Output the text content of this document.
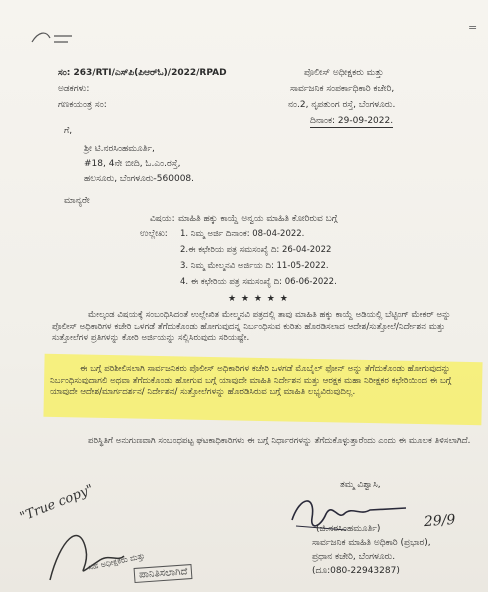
=
ಸಂ: 263/RTI/ಎಸ್‌ಪಿ(ಪಿಆರ್‌ಓ)/2022/RPAD
ಅಡಕಗಳು:
ಗಣಕಯಂತ್ರ ಸಂ:
ಪೊಲೀಸ್ ಅಧೀಕ್ಷಕರು ಮತ್ತು
ಸಾರ್ವಜನಿಕ ಸಂಪರ್ಕಾಧಿಕಾರಿ ಕಚೇರಿ,
ನಂ.2, ನೃಪತುಂಗ ರಸ್ತೆ, ಬೆಂಗಳೂರು.
ದಿನಾಂಕ: 29-09-2022.
ಗೆ,
ಶ್ರೀ ಟಿ.ನರಸಿಂಹಮೂರ್ತಿ,
#18, 4ನೇ ಬೀದಿ, ಓ.ಎಂ.ರಸ್ತೆ,
ಹಲಸೂರು, ಬೆಂಗಳೂರು-560008.
ಮಾನ್ಯರೇ
ವಿಷಯ: ಮಾಹಿತಿ ಹಕ್ಕು ಕಾಯ್ದೆ ಅನ್ವಯ ಮಾಹಿತಿ ಕೋರಿರುವ ಬಗ್ಗೆ
ಉಲ್ಲೇಖ: 1. ನಿಮ್ಮ ಅರ್ಜಿ ದಿನಾಂಕ: 08-04-2022.
2.ಈ ಕಛೇರಿಯ ಪತ್ರ ಸಮಸಂಖ್ಯೆ ದಿ: 26-04-2022
3. ನಿಮ್ಮ ಮೇಲ್ಮನವಿ ಅರ್ಜಿಯ ದಿ: 11-05-2022.
4. ಈ ಕಛೇರಿಯ ಪತ್ರ ಸಮಸಂಖ್ಯೆ ದಿ: 06-06-2022.
★ ★ ★ ★ ★
ಮೇಲ್ಕಂಡ ವಿಷಯಕ್ಕೆ ಸಂಬಂಧಿಸಿದಂತೆ ಉಲ್ಲೇಖಿತ ಮೇಲ್ಮನವಿ ಪತ್ರದಲ್ಲಿ ತಾವು ಮಾಹಿತಿ ಹಕ್ಕು ಕಾಯ್ದೆ ಅಡಿಯಲ್ಲಿ ಬೆಟ್ಟಿಂಗ್ ಮೇಕರ್ ಅನ್ನು ಪೊಲೀಸ್ ಅಧಿಕಾರಿಗಳ ಕಚೇರಿ ಒಳಗಡೆ ತೆಗೆದುಕೊಂಡು ಹೋಗುವುದನ್ನ ನಿರ್ಬಂಧಿಸುವ ಕುರಿತು ಹೊರಡಿಸಲಾದ ಆದೇಶ/ಸುತ್ತೋಲೆ/ನಿರ್ದೇಶನ ಮತ್ತು ಸುತ್ತೋಲೆಗಳ ಪ್ರತಿಗಳನ್ನು ಕೋರಿ ಅರ್ಜಿಯನ್ನು ಸಲ್ಲಿಸಿರುವುದು ಸರಿಯಷ್ಟೇ.
ಈ ಬಗ್ಗೆ ಪರಿಶೀಲಿಸಲಾಗಿ ಸಾರ್ವಜನಿಕರು ಪೊಲೀಸ್ ಅಧಿಕಾರಿಗಳ ಕಚೇರಿ ಒಳಗಡೆ ಮೊಬೈಲ್ ಫೋನ್ ಅನ್ನು ತೆಗೆದುಕೊಂಡು ಹೋಗುವುದನ್ನು ನಿರ್ಬಂಧಿಸುವುದಾಗಲಿ ಅಥವಾ ತೆಗೆದುಕೊಂಡು ಹೋಗುವ ಬಗ್ಗೆ ಯಾವುದೇ ಮಾಹಿತಿ ನಿರ್ದೇಶನ ಮತ್ತು ಆರಕ್ಷಕ ಮಹಾ ನಿರೀಕ್ಷಕರ ಕಛೇರಿಯಿಂದ ಈ ಬಗ್ಗೆ ಯಾವುದೇ ಆದೇಶ/ಮಾರ್ಗದರ್ಶನ/ ನಿರ್ದೇಶನ/ ಸುತ್ತೋಲೆಗಳನ್ನು ಹೊರಡಿಸಿರುವ ಬಗ್ಗೆ ಮಾಹಿತಿ ಲಭ್ಯವಿರುವುದಿಲ್ಲ.
ಪರಿಸ್ಥಿತಿಗೆ ಅನುಗುಣವಾಗಿ ಸಂಬಂಧಪಟ್ಟ ಘಟಕಾಧಿಕಾರಿಗಳು ಈ ಬಗ್ಗೆ ನಿರ್ಧಾರಗಳನ್ನು ತೆಗೆದುಕೊಳ್ಳುತ್ತಾರೆಂದು ಎಂದು ಈ ಮೂಲಕ ತಿಳಿಸಲಾಗಿದೆ.
ತಮ್ಮ ವಿಶ್ವಾಸಿ,
(ಜಿ.ನರಸಿಂಹಮೂರ್ತಿ)	29/9
ಸಾರ್ವಜನಿಕ ಮಾಹಿತಿ ಅಧಿಕಾರಿ (ಪ್ರಭಾರ),
ಪ್ರಧಾನ ಕಚೇರಿ, ಬೆಂಗಳೂರು.
(ದೂ:080-22943287)
"True copy"
ಸಹ ಅಧೀಕ್ಷಕರು ಮತ್ತು
ಪಾನಿತಿಸಲಾಗಿದೆ
